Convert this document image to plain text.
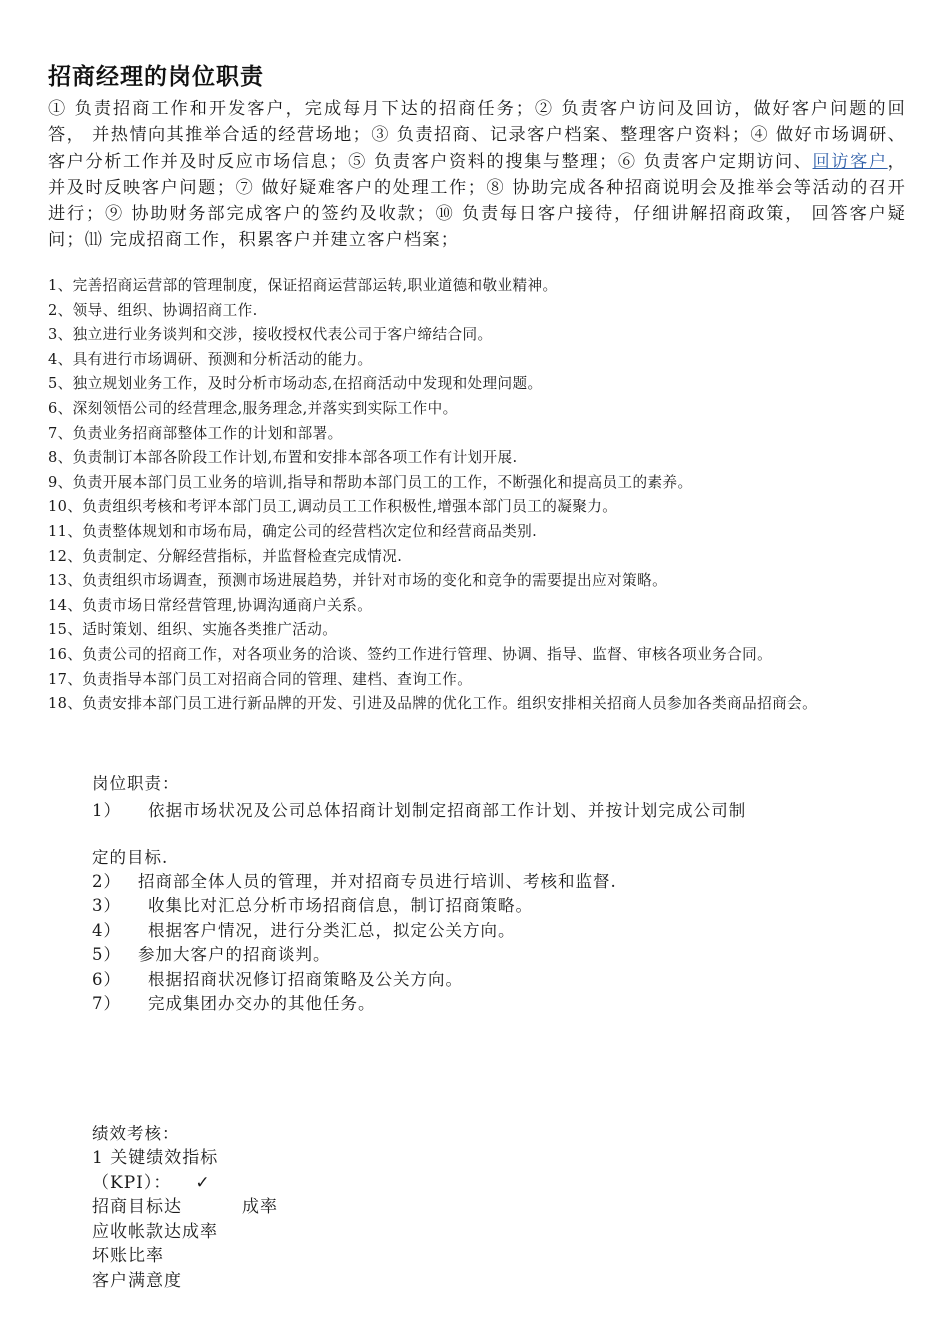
招商经理的岗位职责

① 负责招商工作和开发客户，完成每月下达的招商任务；② 负责客户访问及回访，做好客户问题的回答， 并热情向其推举合适的经营场地；③ 负责招商、记录客户档案、整理客户资料；④ 做好市场调研、客户分析工作并及时反应市场信息；⑤ 负责客户资料的搜集与整理；⑥ 负责客户定期访问、回访客户， 并及时反映客户问题；⑦ 做好疑难客户的处理工作；⑧ 协助完成各种招商说明会及推举会等活动的召开进行；⑨ 协助财务部完成客户的签约及收款；⑩ 负责每日客户接待，仔细讲解招商政策， 回答客户疑问；⑾ 完成招商工作，积累客户并建立客户档案；

1、完善招商运营部的管理制度，保证招商运营部运转,职业道德和敬业精神。
2、领导、组织、协调招商工作.
3、独立进行业务谈判和交涉，接收授权代表公司于客户缔结合同。
4、具有进行市场调研、预测和分析活动的能力。
5、独立规划业务工作，及时分析市场动态,在招商活动中发现和处理问题。
6、深刻领悟公司的经营理念,服务理念,并落实到实际工作中。
7、负责业务招商部整体工作的计划和部署。
8、负责制订本部各阶段工作计划,布置和安排本部各项工作有计划开展.
9、负责开展本部门员工业务的培训,指导和帮助本部门员工的工作，不断强化和提高员工的素养。
10、负责组织考核和考评本部门员工,调动员工工作积极性,增强本部门员工的凝聚力。
11、负责整体规划和市场布局，确定公司的经营档次定位和经营商品类别.
12、负责制定、分解经营指标，并监督检查完成情况.
13、负责组织市场调查，预测市场进展趋势，并针对市场的变化和竞争的需要提出应对策略。
14、负责市场日常经营管理,协调沟通商户关系。
15、适时策划、组织、实施各类推广活动。
16、负责公司的招商工作，对各项业务的洽谈、签约工作进行管理、协调、指导、监督、审核各项业务合同。
17、负责指导本部门员工对招商合同的管理、建档、查询工作。
18、负责安排本部门员工进行新品牌的开发、引进及品牌的优化工作。组织安排相关招商人员参加各类商品招商会。

岗位职责：

1） 依据市场状况及公司总体招商计划制定招商部工作计划、并按计划完成公司制

定的目标.

2） 招商部全体人员的管理，并对招商专员进行培训、考核和监督.
3） 收集比对汇总分析市场招商信息，制订招商策略。
4） 根据客户情况，进行分类汇总，拟定公关方向。
5） 参加大客户的招商谈判。
6） 根据招商状况修订招商策略及公关方向。
7） 完成集团办交办的其他任务。

绩效考核：

1 关键绩效指标
（KPI）： ✓
招商目标达	成率
应收帐款达成率
坏账比率
客户满意度
